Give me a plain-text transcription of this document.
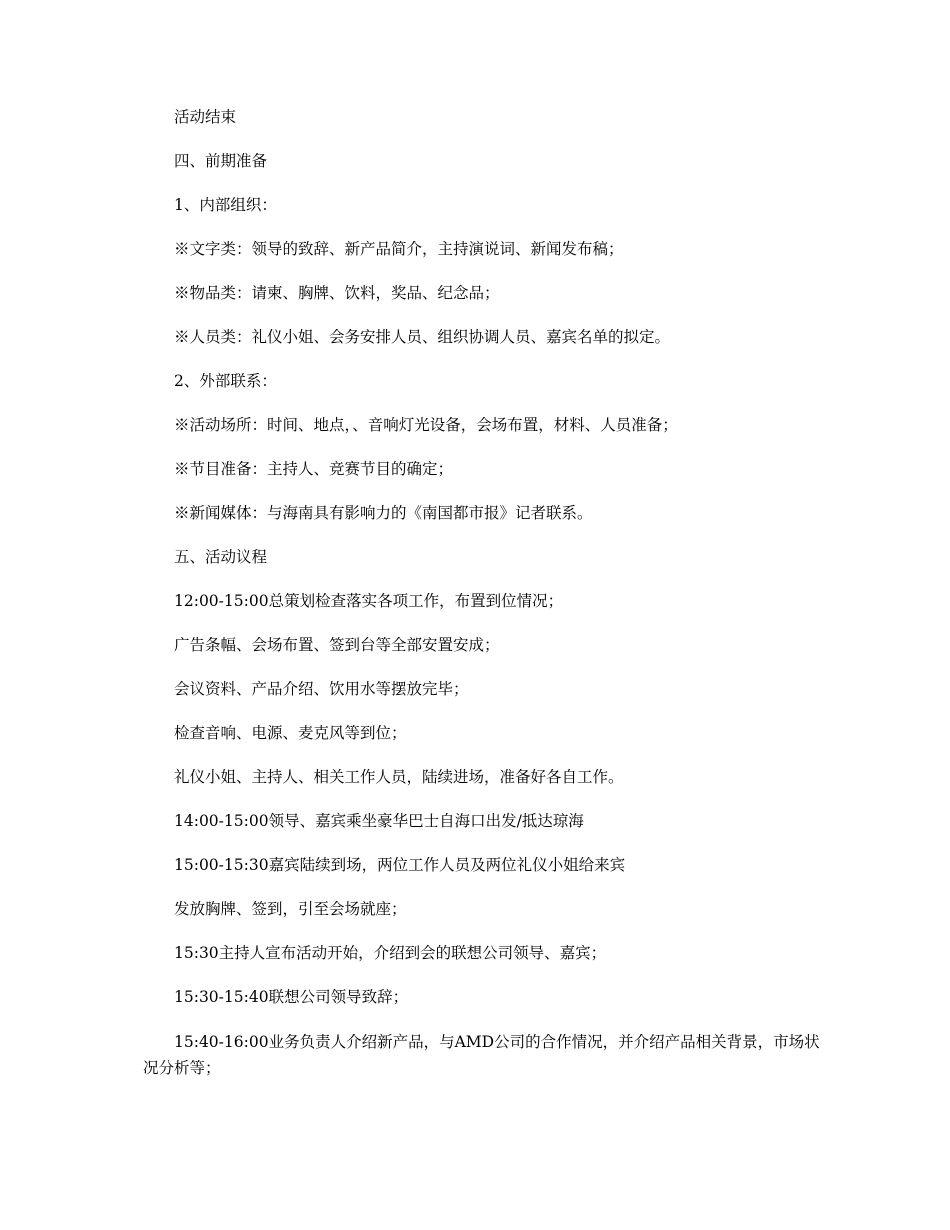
活动结束

四、前期准备

1、内部组织：

※文字类：领导的致辞、新产品简介，主持演说词、新闻发布稿；

※物品类：请柬、胸牌、饮料，奖品、纪念品；

※人员类：礼仪小姐、会务安排人员、组织协调人员、嘉宾名单的拟定。

2、外部联系：

※活动场所：时间、地点，、音响灯光设备，会场布置，材料、人员准备；

※节目准备：主持人、竞赛节目的确定；

※新闻媒体：与海南具有影响力的《南国都市报》记者联系。

五、活动议程

12:00-15:00总策划检查落实各项工作，布置到位情况；

广告条幅、会场布置、签到台等全部安置安成；

会议资料、产品介绍、饮用水等摆放完毕；

检查音响、电源、麦克风等到位；

礼仪小姐、主持人、相关工作人员，陆续进场，准备好各自工作。

14:00-15:00领导、嘉宾乘坐豪华巴士自海口出发/抵达琼海

15:00-15:30嘉宾陆续到场，两位工作人员及两位礼仪小姐给来宾

发放胸牌、签到，引至会场就座；

15:30主持人宣布活动开始，介绍到会的联想公司领导、嘉宾；

15:30-15:40联想公司领导致辞；

15:40-16:00业务负责人介绍新产品，与AMD公司的合作情况，并介绍产品相关背景，市场状况分析等；
